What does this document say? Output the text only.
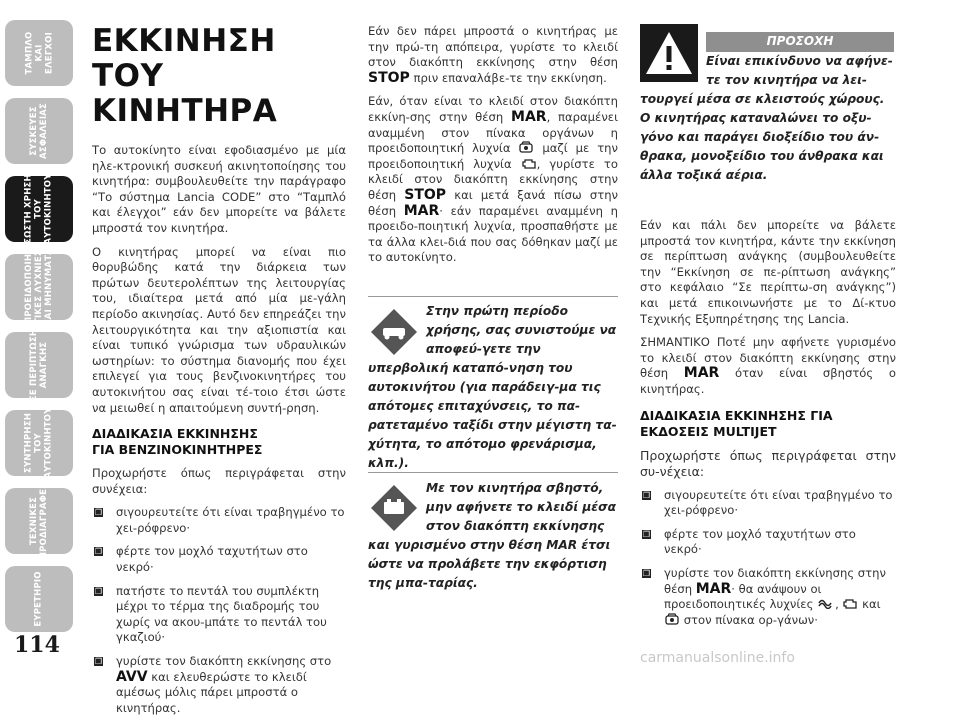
ΤΑΜΠΛΟ
ΚΑΙ
ΕΛΕΓΧΟΙ
ΣΥΣΚΕΥΕΣ
ΑΣΦΑΛΕΙΑΣ
ΣΩΣΤΗ ΧΡΗΣΗ
ΤΟΥ
ΑΥΤΟΚΙΝΗΤΟΥ
ΠΡΟΕΙΔΟΠΟΙΗ-
ΤΙΚΕΣ ΛΥΧΝΙΕΣ
ΚΑΙ ΜΗΝΥΜΑΤΑ
ΣΕ ΠΕΡΙΠΤΩΣΗ
ΑΝΑΓΚΗΣ
ΣΥΝΤΗΡΗΣΗ
ΤΟΥ
ΑΥΤΟΚΙΝΗΤΟΥ
ΤΕΧΝΙΚΕΣ
ΠΡΟΔΙΑΓΡΑΦΕΣ
ΕΥΡΕΤΗΡΙΟ
114
ΕΚΚΙΝΗΣΗ ΤΟΥ
ΚΙΝΗΤΗΡΑ

Το αυτοκίνητο είναι εφοδιασμένο με μία ηλε-κτρονική συσκευή ακινητοποίησης του κινητήρα: συμβουλευθείτε την παράγραφο “Το σύστημα Lancia CODE” στο “Ταμπλό και έλεγχοι” εάν δεν μπορείτε να βάλετε μπροστά τον κινητήρα.

Ο κινητήρας μπορεί να είναι πιο θορυβώδης κατά την διάρκεια των πρώτων δευτερολέπτων της λειτουργίας του, ιδιαίτερα μετά από μία με-γάλη περίοδο ακινησίας. Αυτό δεν επηρεάζει την λειτουργικότητα και την αξιοπιστία και είναι τυπικό γνώρισμα των υδραυλικών ωστηρίων: το σύστημα διανομής που έχει επιλεγεί για τους βενζινοκινητήρες του αυτοκινήτου σας είναι τέ-τοιο έτσι ώστε να μειωθεί η απαιτούμενη συντή-ρηση.

ΔΙΑΔΙΚΑΣΙΑ ΕΚΚΙΝΗΣΗΣ
ΓΙΑ ΒΕΝΖΙΝΟΚΙΝΗΤΗΡΕΣ

Προχωρήστε όπως περιγράφεται στην συνέχεια:

❐ σιγουρευτείτε ότι είναι τραβηγμένο το χει-ρόφρενο·
❐ φέρτε τον μοχλό ταχυτήτων στο νεκρό·
❐ πατήστε το πεντάλ του συμπλέκτη μέχρι το τέρμα της διαδρομής του χωρίς να ακου-μπάτε το πεντάλ του γκαζιού·
❐ γυρίστε τον διακόπτη εκκίνησης στο AVV και ελευθερώστε το κλειδί αμέσως μόλις πάρει μπροστά ο κινητήρας.

Εάν δεν πάρει μπροστά ο κινητήρας με την πρώ-τη απόπειρα, γυρίστε το κλειδί στον διακόπτη εκκίνησης στην θέση STOP πριν επαναλάβε-τε την εκκίνηση.

Εάν, όταν είναι το κλειδί στον διακόπτη εκκίνη-σης στην θέση MAR, παραμένει αναμμένη στον πίνακα οργάνων η προειδοποιητική λυχνία	μαζί με την προειδοποιητική λυχνία , γυρίστε το κλειδί στον διακόπτη εκκίνησης στην θέση STOP και μετά ξανά πίσω στην θέση MAR· εάν παραμένει αναμμένη η προειδο-ποιητική λυχνία, προσπαθήστε με τα άλλα κλει-διά που σας δόθηκαν μαζί με το αυτοκίνητο.

Στην πρώτη περίοδο χρήσης, σας συνιστούμε να αποφεύ-γετε την υπερβολική καταπό-νηση του αυτοκινήτου (για παράδειγ-μα τις απότομες επιταχύνσεις, το πα-ρατεταμένο ταξίδι στην μέγιστη τα-χύτητα, το απότομο φρενάρισμα, κλπ.).
Με τον κινητήρα σβηστό, μην αφήνετε το κλειδί μέσα στον διακόπτη εκκίνησης και γυρισμένο στην θέση MAR έτσι ώστε να προλάβετε την εκφόρτιση της μπα-ταρίας.
ΠΡΟΣΟΧΗ
Είναι επικίνδυνο να αφήνε-τε τον κινητήρα να λει-τουργεί μέσα σε κλειστούς χώρους. Ο κινητήρας καταναλώνει το οξυ-γόνο και παράγει διοξείδιο του άν-θρακα, μονοξείδιο του άνθρακα και άλλα τοξικά αέρια.

Εάν και πάλι δεν μπορείτε να βάλετε μπροστά τον κινητήρα, κάντε την εκκίνηση σε περίπτωση ανάγκης (συμβουλευθείτε την “Εκκίνηση σε πε-ρίπτωση ανάγκης” στο κεφάλαιο “Σε περίπτω-ση ανάγκης”) και μετά επικοινωνήστε με το Δί-κτυο Τεχνικής Εξυπηρέτησης της Lancia.

ΣΗΜΑΝΤΙΚΟ Ποτέ μην αφήνετε γυρισμένο το κλειδί στον διακόπτη εκκίνησης στην θέση MAR όταν είναι σβηστός ο κινητήρας.

ΔΙΑΔΙΚΑΣΙΑ ΕΚΚΙΝΗΣΗΣ ΓΙΑ
ΕΚΔΟΣΕΙΣ MULTIJET

Προχωρήστε όπως περιγράφεται στην συ-νέχεια:

❐ σιγουρευτείτε ότι είναι τραβηγμένο το χει-ρόφρενο·
❐ φέρτε τον μοχλό ταχυτήτων στο νεκρό·
❐ γυρίστε τον διακόπτη εκκίνησης στην θέση MAR· θα ανάψουν οι προειδοποιητικές λυχνίες ,  και  στον πίνακα ορ-γάνων·
carmanualsonline.info
